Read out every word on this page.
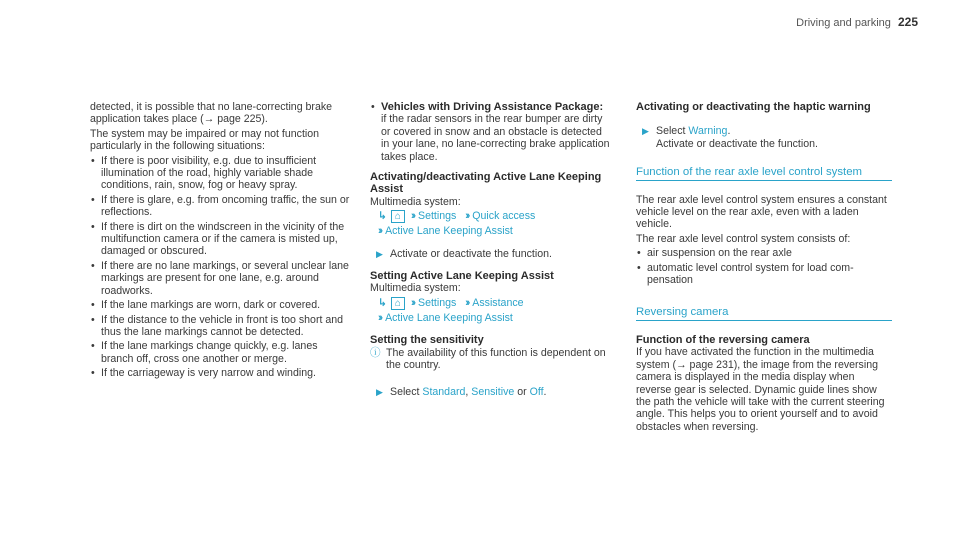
Driving and parking 225

detected, it is possible that no lane-correcting brake application takes place (→ page 225).

The system may be impaired or may not function particularly in the following situations:

• If there is poor visibility, e.g. due to insufficient illumination of the road, highly variable shade conditions, rain, snow, fog or heavy spray.
• If there is glare, e.g. from oncoming traffic, the sun or reflections.
• If there is dirt on the windscreen in the vicinity of the multifunction camera or if the camera is misted up, damaged or obscured.
• If there are no lane markings, or several unclear lane markings are present for one lane, e.g. around roadworks.
• If the lane markings are worn, dark or covered.
• If the distance to the vehicle in front is too short and thus the lane markings cannot be detected.
• If the lane markings change quickly, e.g. lanes branch off, cross one another or merge.
• If the carriageway is very narrow and winding.
• Vehicles with Driving Assistance Package: if the radar sensors in the rear bumper are dirty or covered in snow and an obstacle is detected in your lane, no lane-correcting brake application takes place.
Activating/deactivating Active Lane Keeping Assist
Multimedia system:
↳ ⌂ ›› Settings ›› Quick access
›› Active Lane Keeping Assist
▶ Activate or deactivate the function.
Setting Active Lane Keeping Assist
Multimedia system:
↳ ⌂ ›› Settings ›› Assistance
›› Active Lane Keeping Assist
Setting the sensitivity
ⓘ The availability of this function is dependent on the country.
▶ Select Standard, Sensitive or Off.
Activating or deactivating the haptic warning
▶ Select Warning.
Activate or deactivate the function.
Function of the rear axle level control system

The rear axle level control system ensures a constant vehicle level on the rear axle, even with a laden vehicle.

The rear axle level control system consists of:

• air suspension on the rear axle
• automatic level control system for load compensation
Reversing camera
Function of the reversing camera

If you have activated the function in the multimedia system (→ page 231), the image from the reversing camera is displayed in the media display when reverse gear is selected. Dynamic guide lines show the path the vehicle will take with the current steering angle. This helps you to orient yourself and to avoid obstacles when reversing.
